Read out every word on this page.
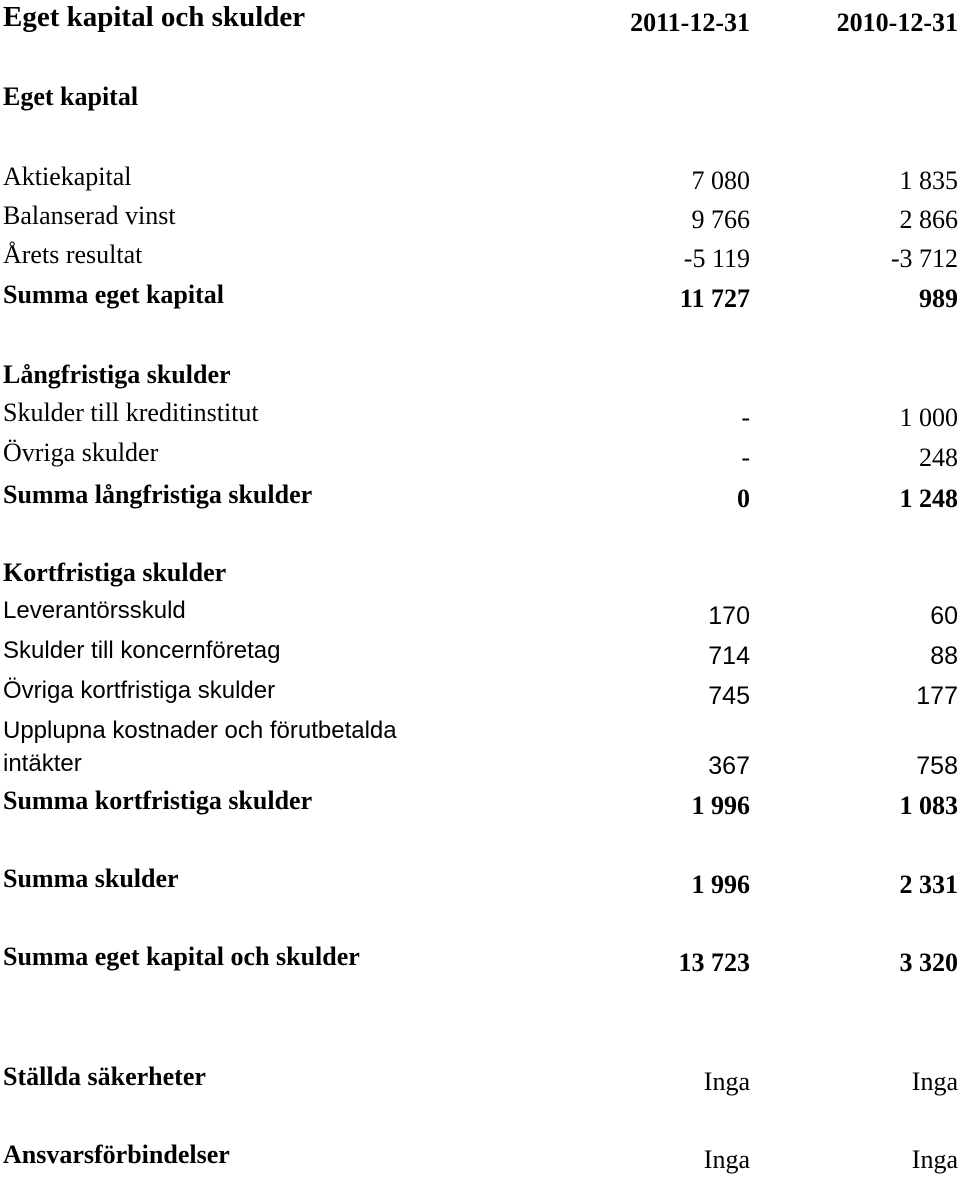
Eget kapital och skulder	2011-12-31	2010-12-31
Eget kapital
Aktiekapital	7 080	1 835
Balanserad vinst	9 766	2 866
Årets resultat	-5 119	-3 712
Summa eget kapital	11 727	989
Långfristiga skulder
Skulder till kreditinstitut	-	1 000
Övriga skulder	-	248
Summa långfristiga skulder	0	1 248
Kortfristiga skulder
Leverantörsskuld	170	60
Skulder till koncernföretag	714	88
Övriga kortfristiga skulder	745	177
Upplupna kostnader och förutbetalda
intäkter	367	758
Summa kortfristiga skulder	1 996	1 083
Summa skulder	1 996	2 331
Summa eget kapital och skulder	13 723	3 320
Ställda säkerheter	Inga	Inga
Ansvarsförbindelser	Inga	Inga
